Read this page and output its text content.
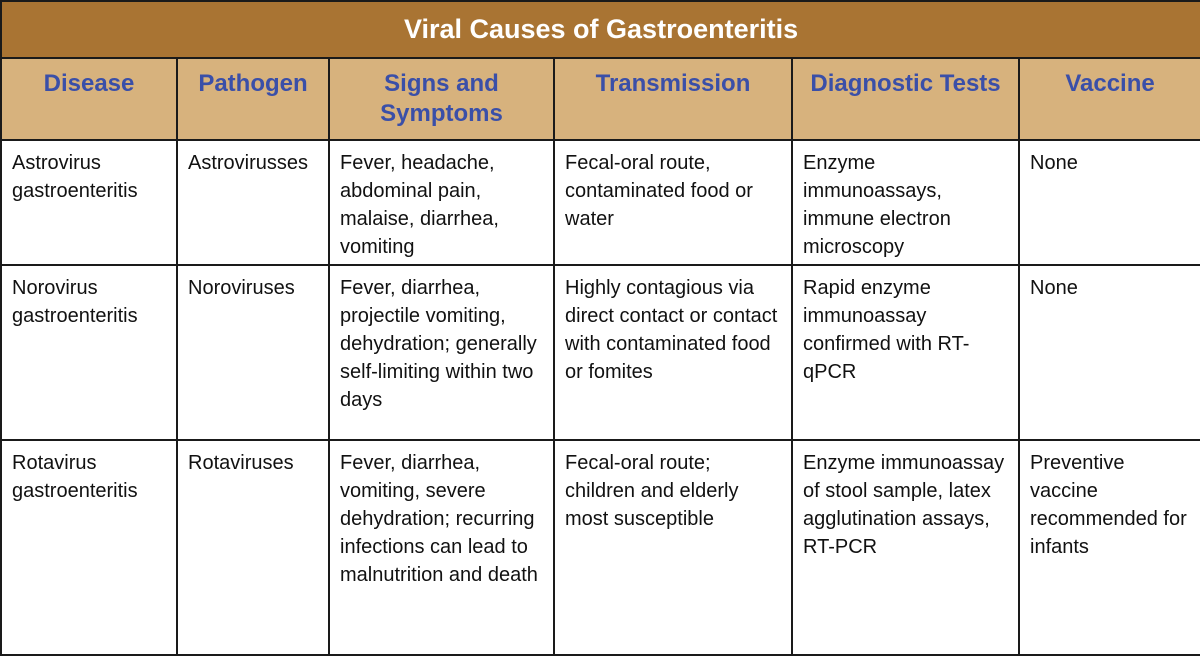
Viral Causes of Gastroenteritis					
Disease	Pathogen	Signs and Symptoms	Transmission	Diagnostic Tests	Vaccine
Astrovirus gastroenteritis	Astrovirusses	Fever, headache, abdominal pain, malaise, diarrhea, vomiting	Fecal-oral route, contaminated food or water	Enzyme immunoassays, immune electron microscopy	None
Norovirus gastroenteritis	Noroviruses	Fever, diarrhea, projectile vomiting, dehydration; generally self-limiting within two days	Highly contagious via direct contact or contact with contaminated food or fomites	Rapid enzyme immunoassay confirmed with RT-qPCR	None
Rotavirus gastroenteritis	Rotaviruses	Fever, diarrhea, vomiting, severe dehydration; recurring infections can lead to malnutrition and death	Fecal-oral route; children and elderly most susceptible	Enzyme immunoassay of stool sample, latex agglutination assays, RT-PCR	Preventive vaccine recommended for infants
